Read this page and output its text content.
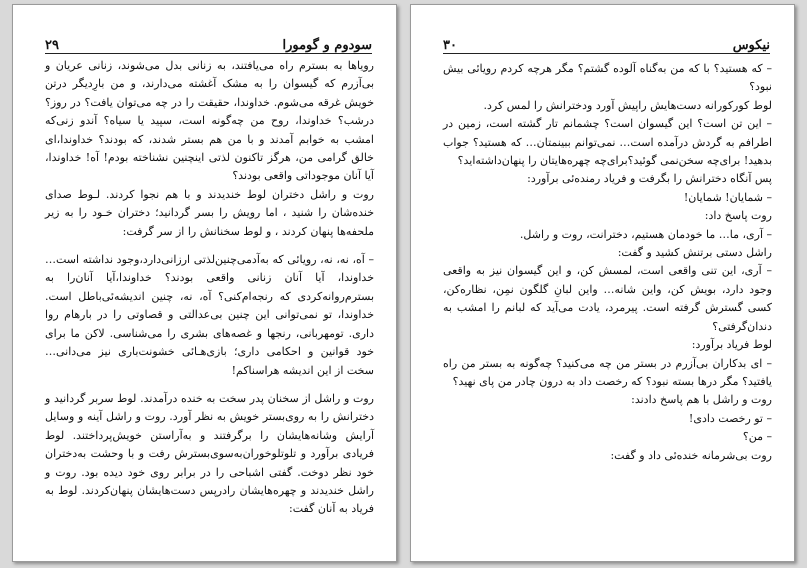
۳۰	نیکوس

– که هستید؟ با که من به‌گناه آلوده گشتم؟ مگر هرچه کردم رویائی بیش نبود؟

لوط کورکورانه دست‌هایش راپیش آورد ودخترانش را لمس کرد.

– این تن است؟ این گیسوان است؟ چشمانم تار گشته است، زمین در اطرافم به گردش درآمده است… نمی‌توانم ببینمتان… که هستید؟ جواب بدهید! برای‌چه سخن‌نمی گوئید؟برای‌چه چهره‌هایتان را پنهان‌داشته‌اید؟

پس آنگاه دخترانش را بگرفت و فریاد رمنده‌ئی برآورد:

– شمایان! شمایان!

روت پاسخ داد:

– آری، ما… ما خودمان هستیم، دخترانت، روت و راشل.

راشل دستی برتنش کشید و گفت:

– آری، این تنی واقعی است، لمسش کن، و این گیسوان نیز به واقعی وجود دارد، بویش کن، واین شانه… واین لبانِ گلگون‌ نمِن، نظاره‌کن، کسی گسترش گرفته است. پیرمرد، یادت می‌آید که لبانم را امشب به‌ دندان‌گرفتی؟

لوط فریاد برآورد:

– ای بدکاران بی‌آزرم در بستر من چه می‌کنید؟ چه‌گونه به بستر من راه یافتید؟ مگر درها بسته نبود؟ که رخصت داد به درون چادر من پای نهید؟

روت و راشل با هم پاسخ دادند:

– تو رخصت دادی!

– من؟

روت بی‌شرمانه خنده‌ئی داد و گفت:

۲۹	سودوم و گومورا

رویاها به بسترم راه می‌یافتند، به زنانی بدل می‌شوند، زنانی عریان و بی‌آزرم که گیسوان را به مشک آغشته می‌دارند، و من بارِدیگر درتن خویش غرقه می‌شوم. خداوندا، حقیقت را در چه می‌توان یافت؟ در روز؟ درشب؟ خداوندا، روح من چه‌گونه است، سپید یا سیاه؟ آندو زنی‌که امشب به خوابم آمدند و با من هم بستر شدند، که بودند؟ خداوندا،ای خالق گرامی من، هرگز تاکنون لذتی اینچنین نشناخته بودم! آه! خداوندا، آیا آنان موجوداتی واقعی بودند؟

روت و راشل دختران لوط خندیدند و با هم نجوا کردند. لـوط صدای خنده‌شان را شنید ، اما رویش را بسر گردانید؛ دختران خـود را به زیر ملحفه‌ها پنهان کردند ، و لوط سخنانش را از سر گرفت:

– آه، نه، نه، رویائی که به‌آدمی‌چنین‌لذتی ارزانی‌دارد،وجود نداشته است… خداوندا، آیا آنان زنانی واقعی بودند؟ خداوندا،آیا آنان‌را به بسترم‌روانه‌کردی که رنجه‌ام‌کنی؟ آه، نه، چنین اندیشه‌ئی‌باطل است. خداوندا، تو نمی‌توانی این چنین بی‌عدالتی و قصاوتی را در بارهام روا داری. تو‌مهربانی، رنجها و غصه‌های بشری را می‌شناسی. لاکن ما برای خود قوانین و احکامی داری؛ بازی‌هـائی خشونت‌باری نیز می‌دانی… سخت از این اندیشه هراسناکم!

روت و راشل از سخنان پدر سخت به خنده درآمدند. لوط سربر گردانید و دخترانش را به روی‌بستر خویش به نظر آورد. روت و راشل آینه و وسایل آرایش وشانه‌هایشان را برگرفتند و به‌آراستن خویش‌پرداختند. لوط فریادی برآورد و تلوتلوخوران‌به‌سوی‌بسترش رفت و با وحشت به‌دختران خود نظر دوخت. گفتی اشباحی را در برابر روی خود دیده بود. روت و راشل خندیدند و چهره‌هایشان رادرپس دست‌هایشان پنهان‌کردند. لوط به فریاد به آنان گفت:
